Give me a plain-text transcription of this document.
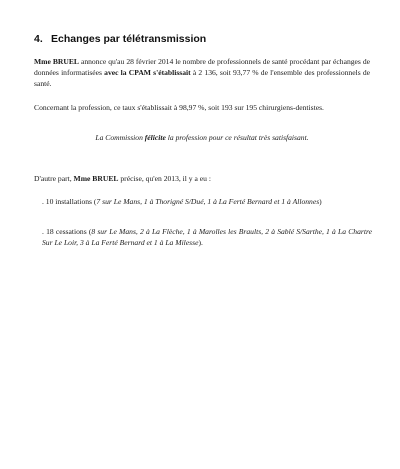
4. Echanges par télétransmission
Mme BRUEL annonce qu'au 28 février 2014 le nombre de professionnels de santé procédant par échanges de données informatisées avec la CPAM s'établissait à 2 136, soit 93,77 % de l'ensemble des professionnels de santé.
Concernant la profession, ce taux s'établissait à 98,97 %, soit 193 sur 195 chirurgiens-dentistes.
La Commission félicite la profession pour ce résultat très satisfaisant.
D'autre part, Mme BRUEL précise, qu'en 2013, il y a eu :
. 10 installations (7 sur Le Mans, 1 à Thorigné S/Dué, 1 à La Ferté Bernard et 1 à Allonnes)
. 18 cessations (8 sur Le Mans, 2 à La Flèche, 1 à Marolles les Braults, 2 à Sablé S/Sarthe, 1 à La Chartre Sur Le Loir, 3 à La Ferté Bernard et 1 à La Milesse).
